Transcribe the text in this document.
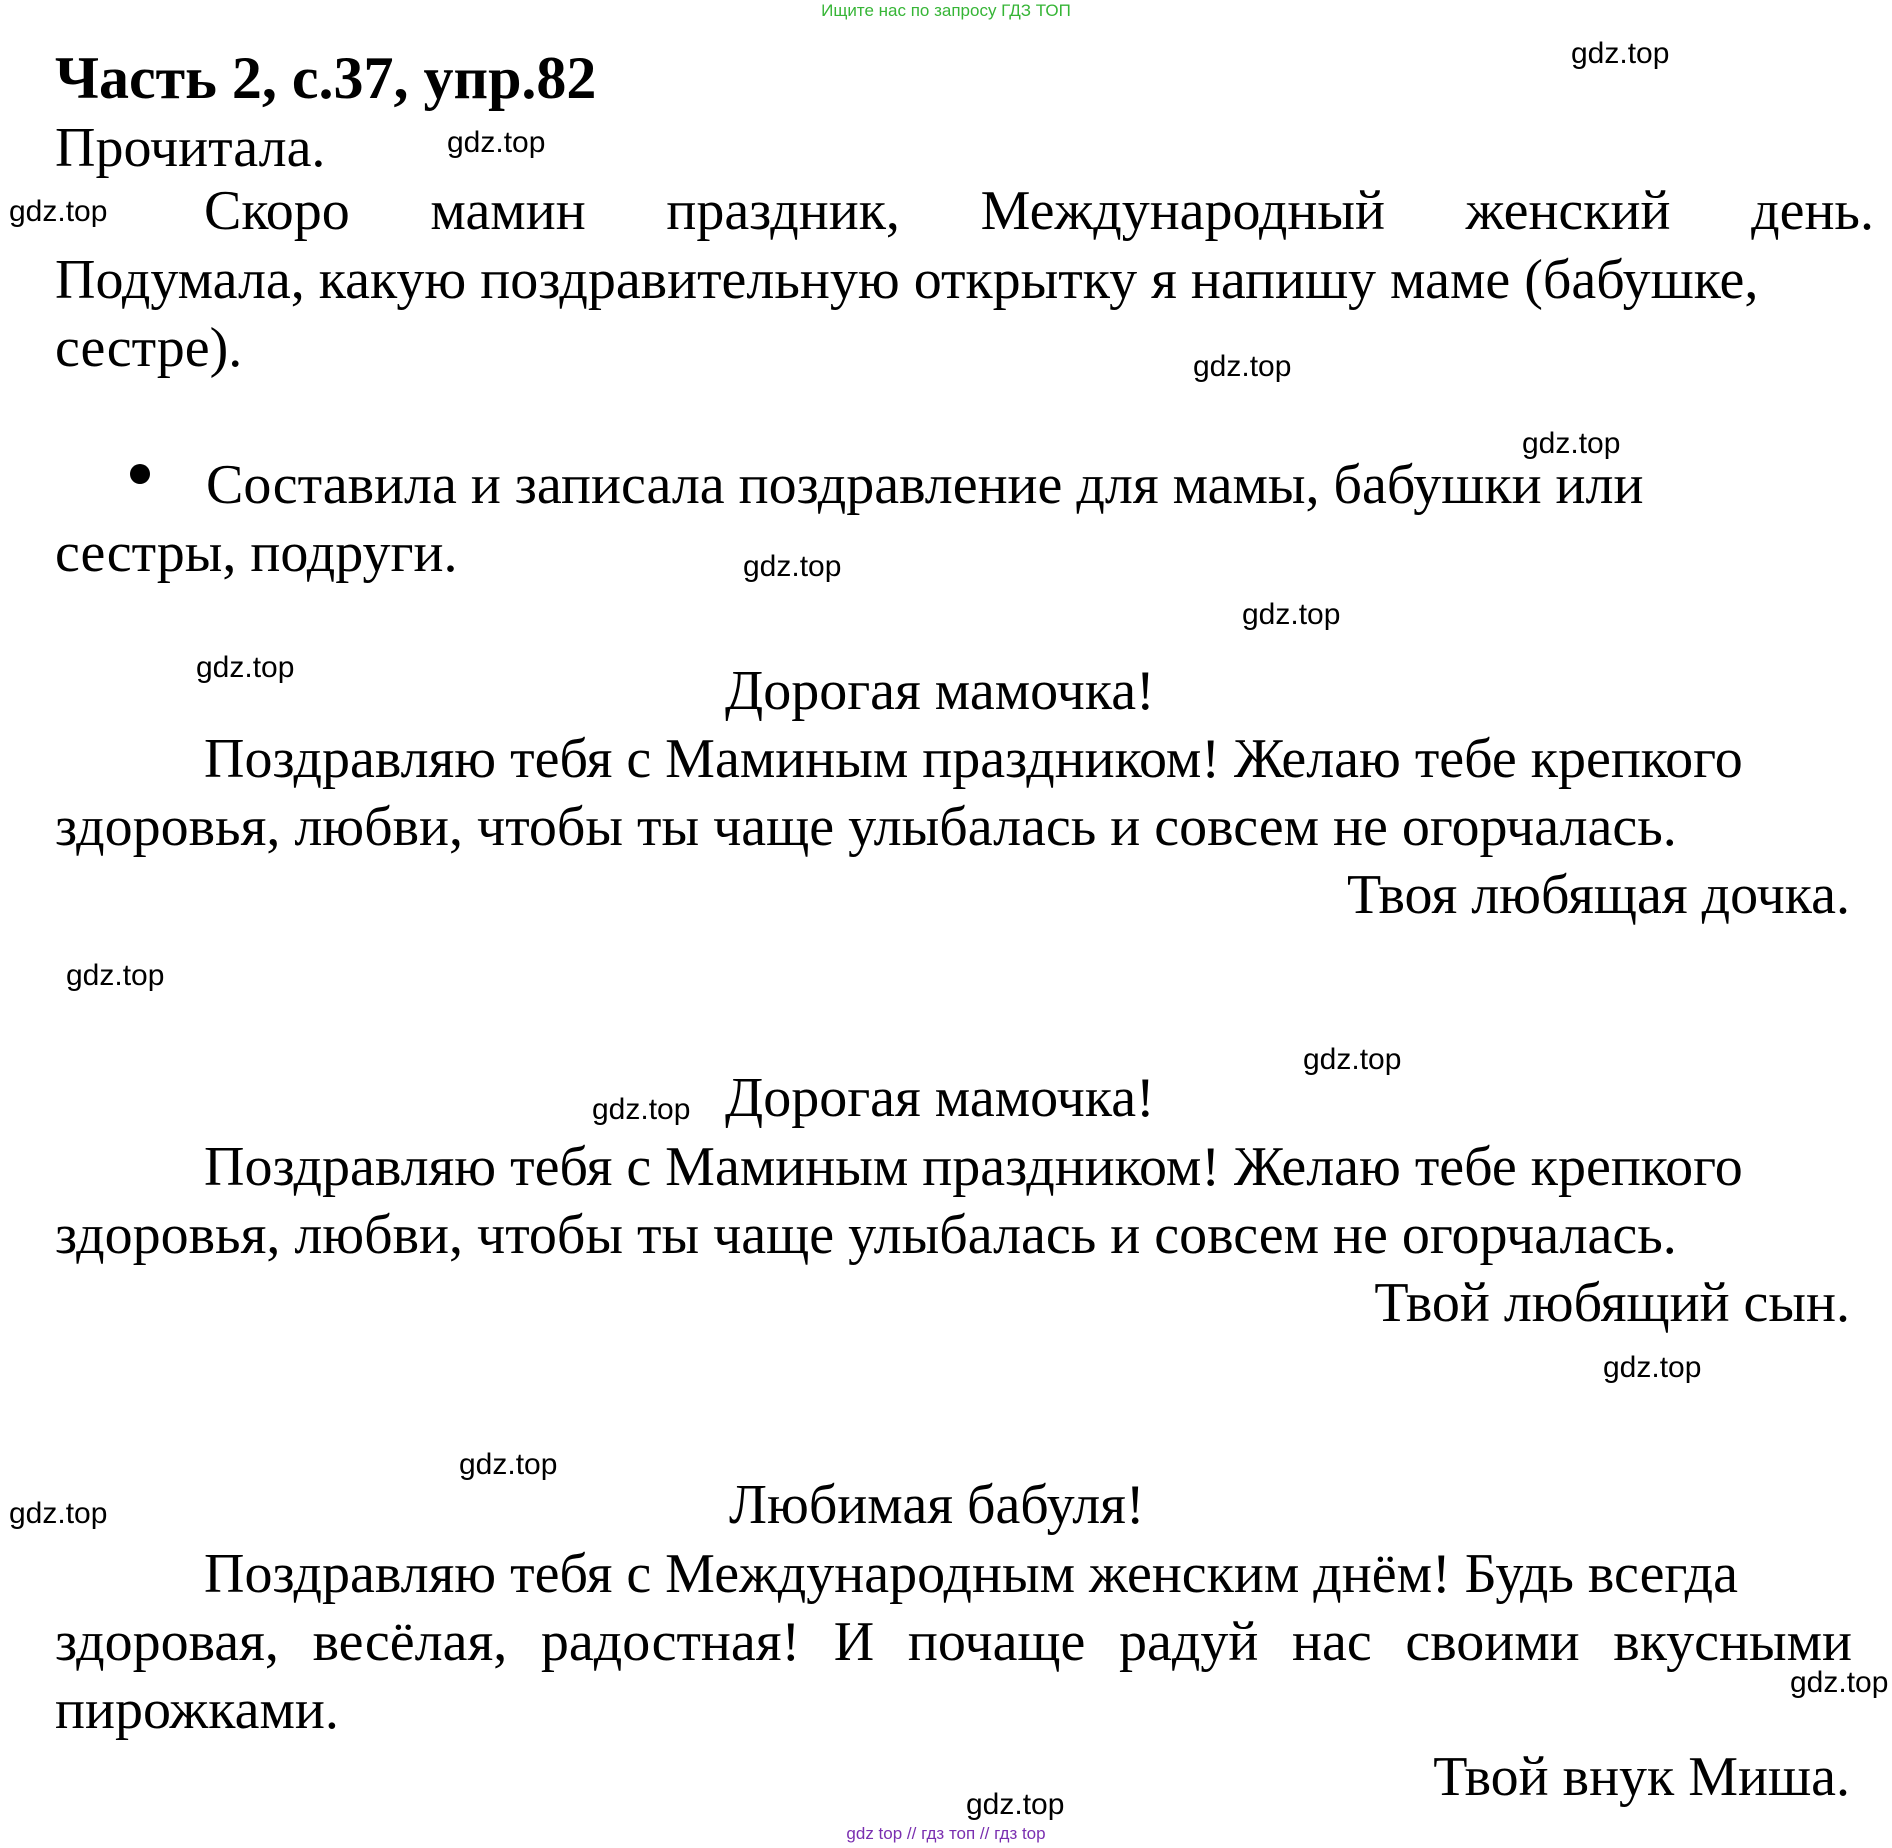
Ищите нас по запросу ГДЗ ТОП
Часть 2, с.37, упр.82
Прочитала.
Скоро мамин праздник, Международный женский день.
Подумала, какую поздравительную открытку я напишу маме (бабушке,
сестре).
Составила и записала поздравление для мамы, бабушки или
сестры, подруги.
Дорогая мамочка!
Поздравляю тебя с Маминым праздником! Желаю тебе крепкого
здоровья, любви, чтобы ты чаще улыбалась и совсем не огорчалась.
Твоя любящая дочка.
Дорогая мамочка!
Поздравляю тебя с Маминым праздником! Желаю тебе крепкого
здоровья, любви, чтобы ты чаще улыбалась и совсем не огорчалась.
Твой любящий сын.
Любимая бабуля!
Поздравляю тебя с Международным женским днём! Будь всегда
здоровая, весёлая, радостная! И почаще радуй нас своими вкусными
пирожками.
Твой внук Миша.
gdz.top
gdz.top
gdz.top
gdz.top
gdz.top
gdz.top
gdz.top
gdz.top
gdz.top
gdz.top
gdz.top
gdz.top
gdz.top
gdz.top
gdz.top
gdz.top
gdz top // гдз топ // гдз top
